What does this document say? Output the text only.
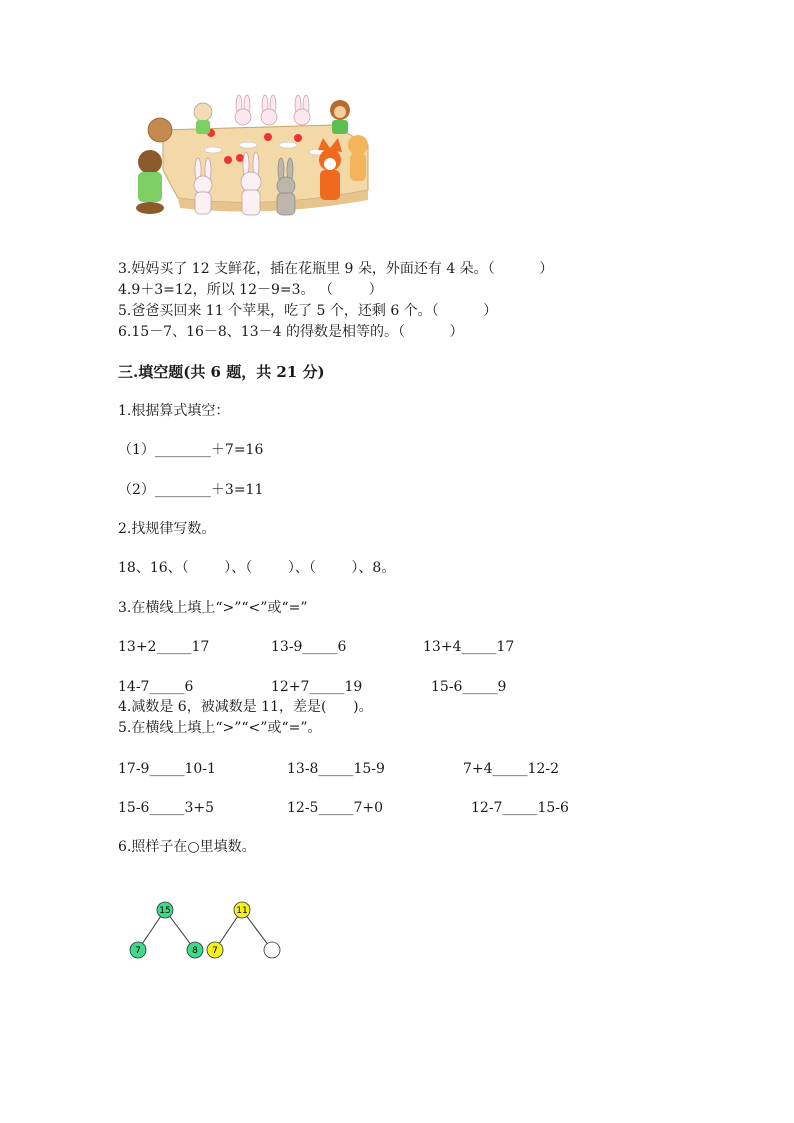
3.妈妈买了 12 支鲜花，插在花瓶里 9 朵，外面还有 4 朵。（          ）
4.9＋3=12，所以 12－9=3。 （        ）
5.爸爸买回来 11 个苹果，吃了 5 个，还剩 6 个。（          ）
6.15－7、16－8、13－4 的得数是相等的。（          ）
三.填空题(共 6 题，共 21 分)
1.根据算式填空：
（1）________＋7=16
（2）________＋3=11
2.找规律写数。
18、16、（        ）、（        ）、（        ）、8。
3.在横线上填上“>”“<”或“=”
13+2_____17	13-9_____6	13+4_____17
14-7_____6	12+7_____19	15-6_____9
4.减数是 6，被减数是 11，差是(      )。
5.在横线上填上“>”“<”或“=”。
17-9_____10-1	13-8_____15-9	7+4_____12-2
15-6_____3+5	12-5_____7+0	12-7_____15-6
6.照样子在○里填数。
15
7	8
11
7
